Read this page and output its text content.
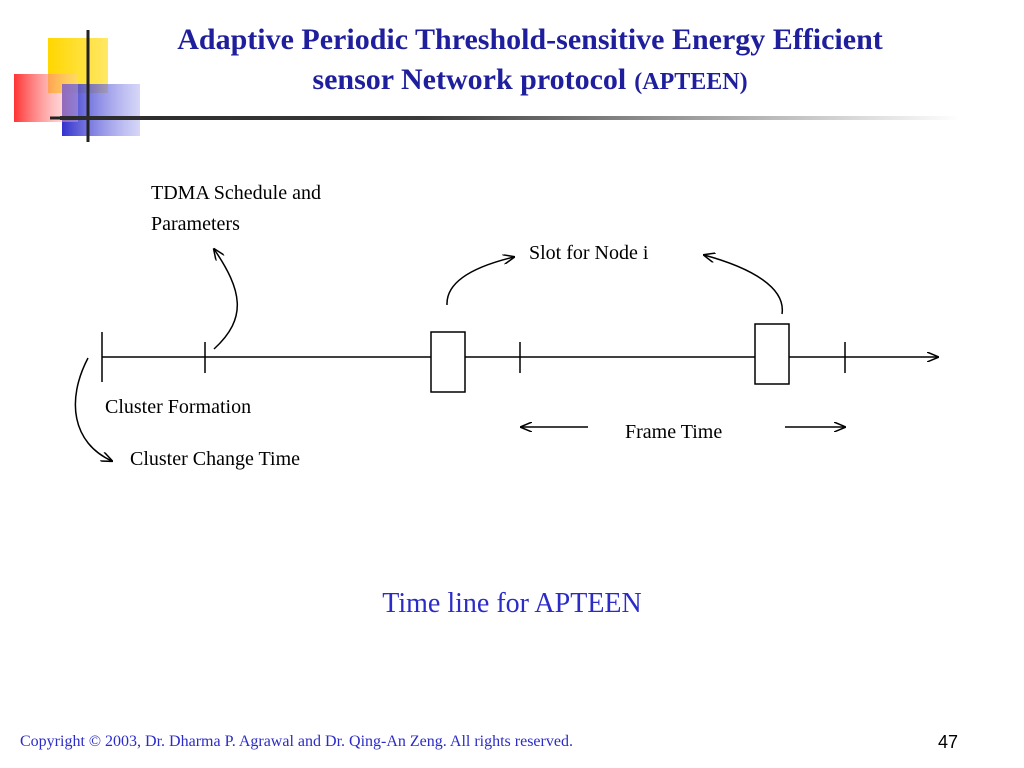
Adaptive Periodic Threshold-sensitive Energy Efficient
sensor Network protocol (APTEEN)
TDMA Schedule and
Parameters
Slot for Node i
Cluster Formation
Frame Time
Cluster Change Time
Time line for APTEEN
Copyright © 2003, Dr. Dharma P. Agrawal and Dr. Qing-An Zeng. All rights reserved.	47
